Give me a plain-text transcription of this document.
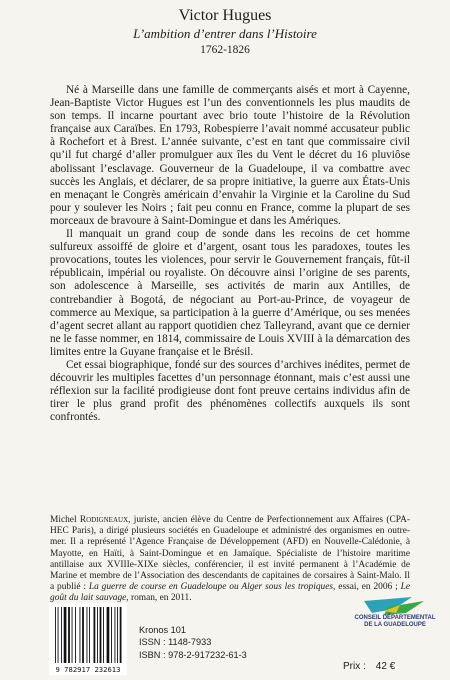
Victor Hugues
L’ambition d’entrer dans l’Histoire
1762-1826

Né à Marseille dans une famille de commerçants aisés et mort à Cayenne, Jean-Baptiste Victor Hugues est l’un des conventionnels les plus maudits de son temps. Il incarne pourtant avec brio toute l’histoire de la Révolution française aux Caraïbes. En 1793, Robespierre l’avait nommé accusateur public à Rochefort et à Brest. L’année suivante, c’est en tant que commissaire civil qu’il fut chargé d’aller promulguer aux îles du Vent le décret du 16 pluviôse abolissant l’esclavage. Gouverneur de la Guadeloupe, il va combattre avec succès les Anglais, et déclarer, de sa propre initiative, la guerre aux États-Unis en menaçant le Congrès américain d’envahir la Virginie et la Caroline du Sud pour y soulever les Noirs ; fait peu connu en France, comme la plupart de ses morceaux de bravoure à Saint-Domingue et dans les Amériques.

Il manquait un grand coup de sonde dans les recoins de cet homme sulfureux assoiffé de gloire et d’argent, osant tous les paradoxes, toutes les provocations, toutes les violences, pour servir le Gouvernement français, fût-il républicain, impérial ou royaliste. On découvre ainsi l’origine de ses parents, son adolescence à Marseille, ses activités de marin aux Antilles, de contrebandier à Bogotá, de négociant au Port-au-Prince, de voyageur de commerce au Mexique, sa participation à la guerre d’Amérique, ou ses menées d’agent secret allant au rapport quotidien chez Talleyrand, avant que ce dernier ne le fasse nommer, en 1814, commissaire de Louis XVIII à la démarcation des limites entre la Guyane française et le Brésil.

Cet essai biographique, fondé sur des sources d’archives inédites, permet de découvrir les multiples facettes d’un personnage étonnant, mais c’est aussi une réflexion sur la facilité prodigieuse dont font preuve certains individus afin de tirer le plus grand profit des phénomènes collectifs auxquels ils sont confrontés.

Michel Rodigneaux, juriste, ancien élève du Centre de Perfectionnement aux Affaires (CPA-HEC Paris), a dirigé plusieurs sociétés en Guadeloupe et administré des organismes en outre-mer. Il a représenté l’Agence Française de Développement (AFD) en Nouvelle-Calédonie, à Mayotte, en Haïti, à Saint-Domingue et en Jamaïque. Spécialiste de l’histoire maritime antillaise aux XVIIIe-XIXe siècles, conférencier, il est invité permanent à l’Académie de Marine et membre de l’Association des descendants de capitaines de corsaires à Saint-Malo. Il a publié : La guerre de course en Guadeloupe ou Alger sous les tropiques, essai, en 2006 ; Le goût du lait sauvage, roman, en 2011.

9 782917 232613
Kronos 101
ISSN : 1148-7933
ISBN : 978-2-917232-61-3
CONSEIL DÉPARTEMENTAL
DE LA GUADELOUPE
Prix : 42 €
